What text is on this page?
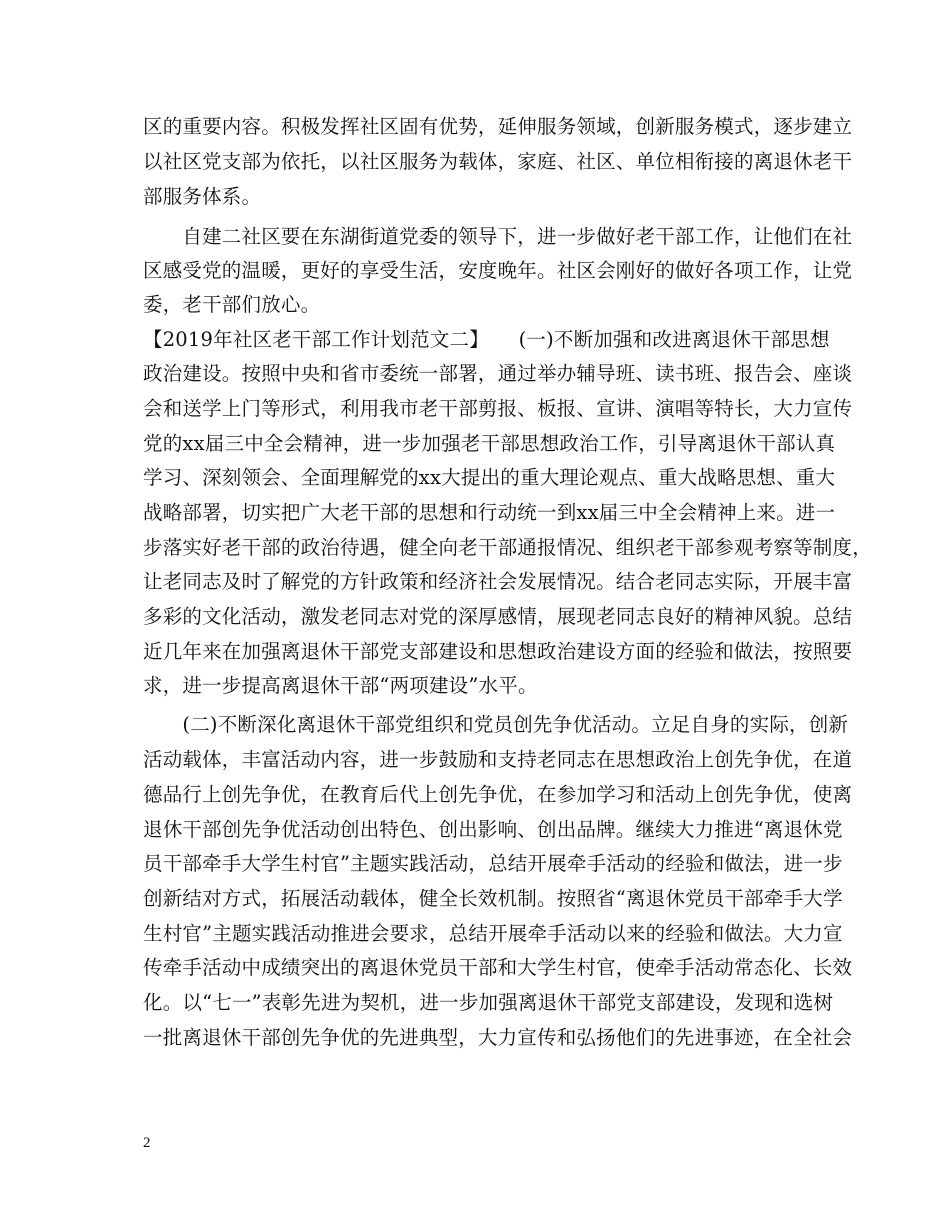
区的重要内容。积极发挥社区固有优势，延伸服务领域，创新服务模式，逐步建立
以社区党支部为依托，以社区服务为载体，家庭、社区、单位相衔接的离退休老干
部服务体系。
　　自建二社区要在东湖街道党委的领导下，进一步做好老干部工作，让他们在社
区感受党的温暖，更好的享受生活，安度晚年。社区会刚好的做好各项工作，让党
委，老干部们放心。
【2019年社区老干部工作计划范文二】　　(一)不断加强和改进离退休干部思想
政治建设。按照中央和省市委统一部署，通过举办辅导班、读书班、报告会、座谈
会和送学上门等形式，利用我市老干部剪报、板报、宣讲、演唱等特长，大力宣传
党的xx届三中全会精神，进一步加强老干部思想政治工作，引导离退休干部认真
学习、深刻领会、全面理解党的xx大提出的重大理论观点、重大战略思想、重大
战略部署，切实把广大老干部的思想和行动统一到xx届三中全会精神上来。进一
步落实好老干部的政治待遇，健全向老干部通报情况、组织老干部参观考察等制度，
让老同志及时了解党的方针政策和经济社会发展情况。结合老同志实际，开展丰富
多彩的文化活动，激发老同志对党的深厚感情，展现老同志良好的精神风貌。总结
近几年来在加强离退休干部党支部建设和思想政治建设方面的经验和做法，按照要
求，进一步提高离退休干部“两项建设”水平。
　　(二)不断深化离退休干部党组织和党员创先争优活动。立足自身的实际，创新
活动载体，丰富活动内容，进一步鼓励和支持老同志在思想政治上创先争优，在道
德品行上创先争优，在教育后代上创先争优，在参加学习和活动上创先争优，使离
退休干部创先争优活动创出特色、创出影响、创出品牌。继续大力推进“离退休党
员干部牵手大学生村官”主题实践活动，总结开展牵手活动的经验和做法，进一步
创新结对方式，拓展活动载体，健全长效机制。按照省“离退休党员干部牵手大学
生村官”主题实践活动推进会要求，总结开展牵手活动以来的经验和做法。大力宣
传牵手活动中成绩突出的离退休党员干部和大学生村官，使牵手活动常态化、长效
化。以“七一”表彰先进为契机，进一步加强离退休干部党支部建设，发现和选树
一批离退休干部创先争优的先进典型，大力宣传和弘扬他们的先进事迹，在全社会
2
